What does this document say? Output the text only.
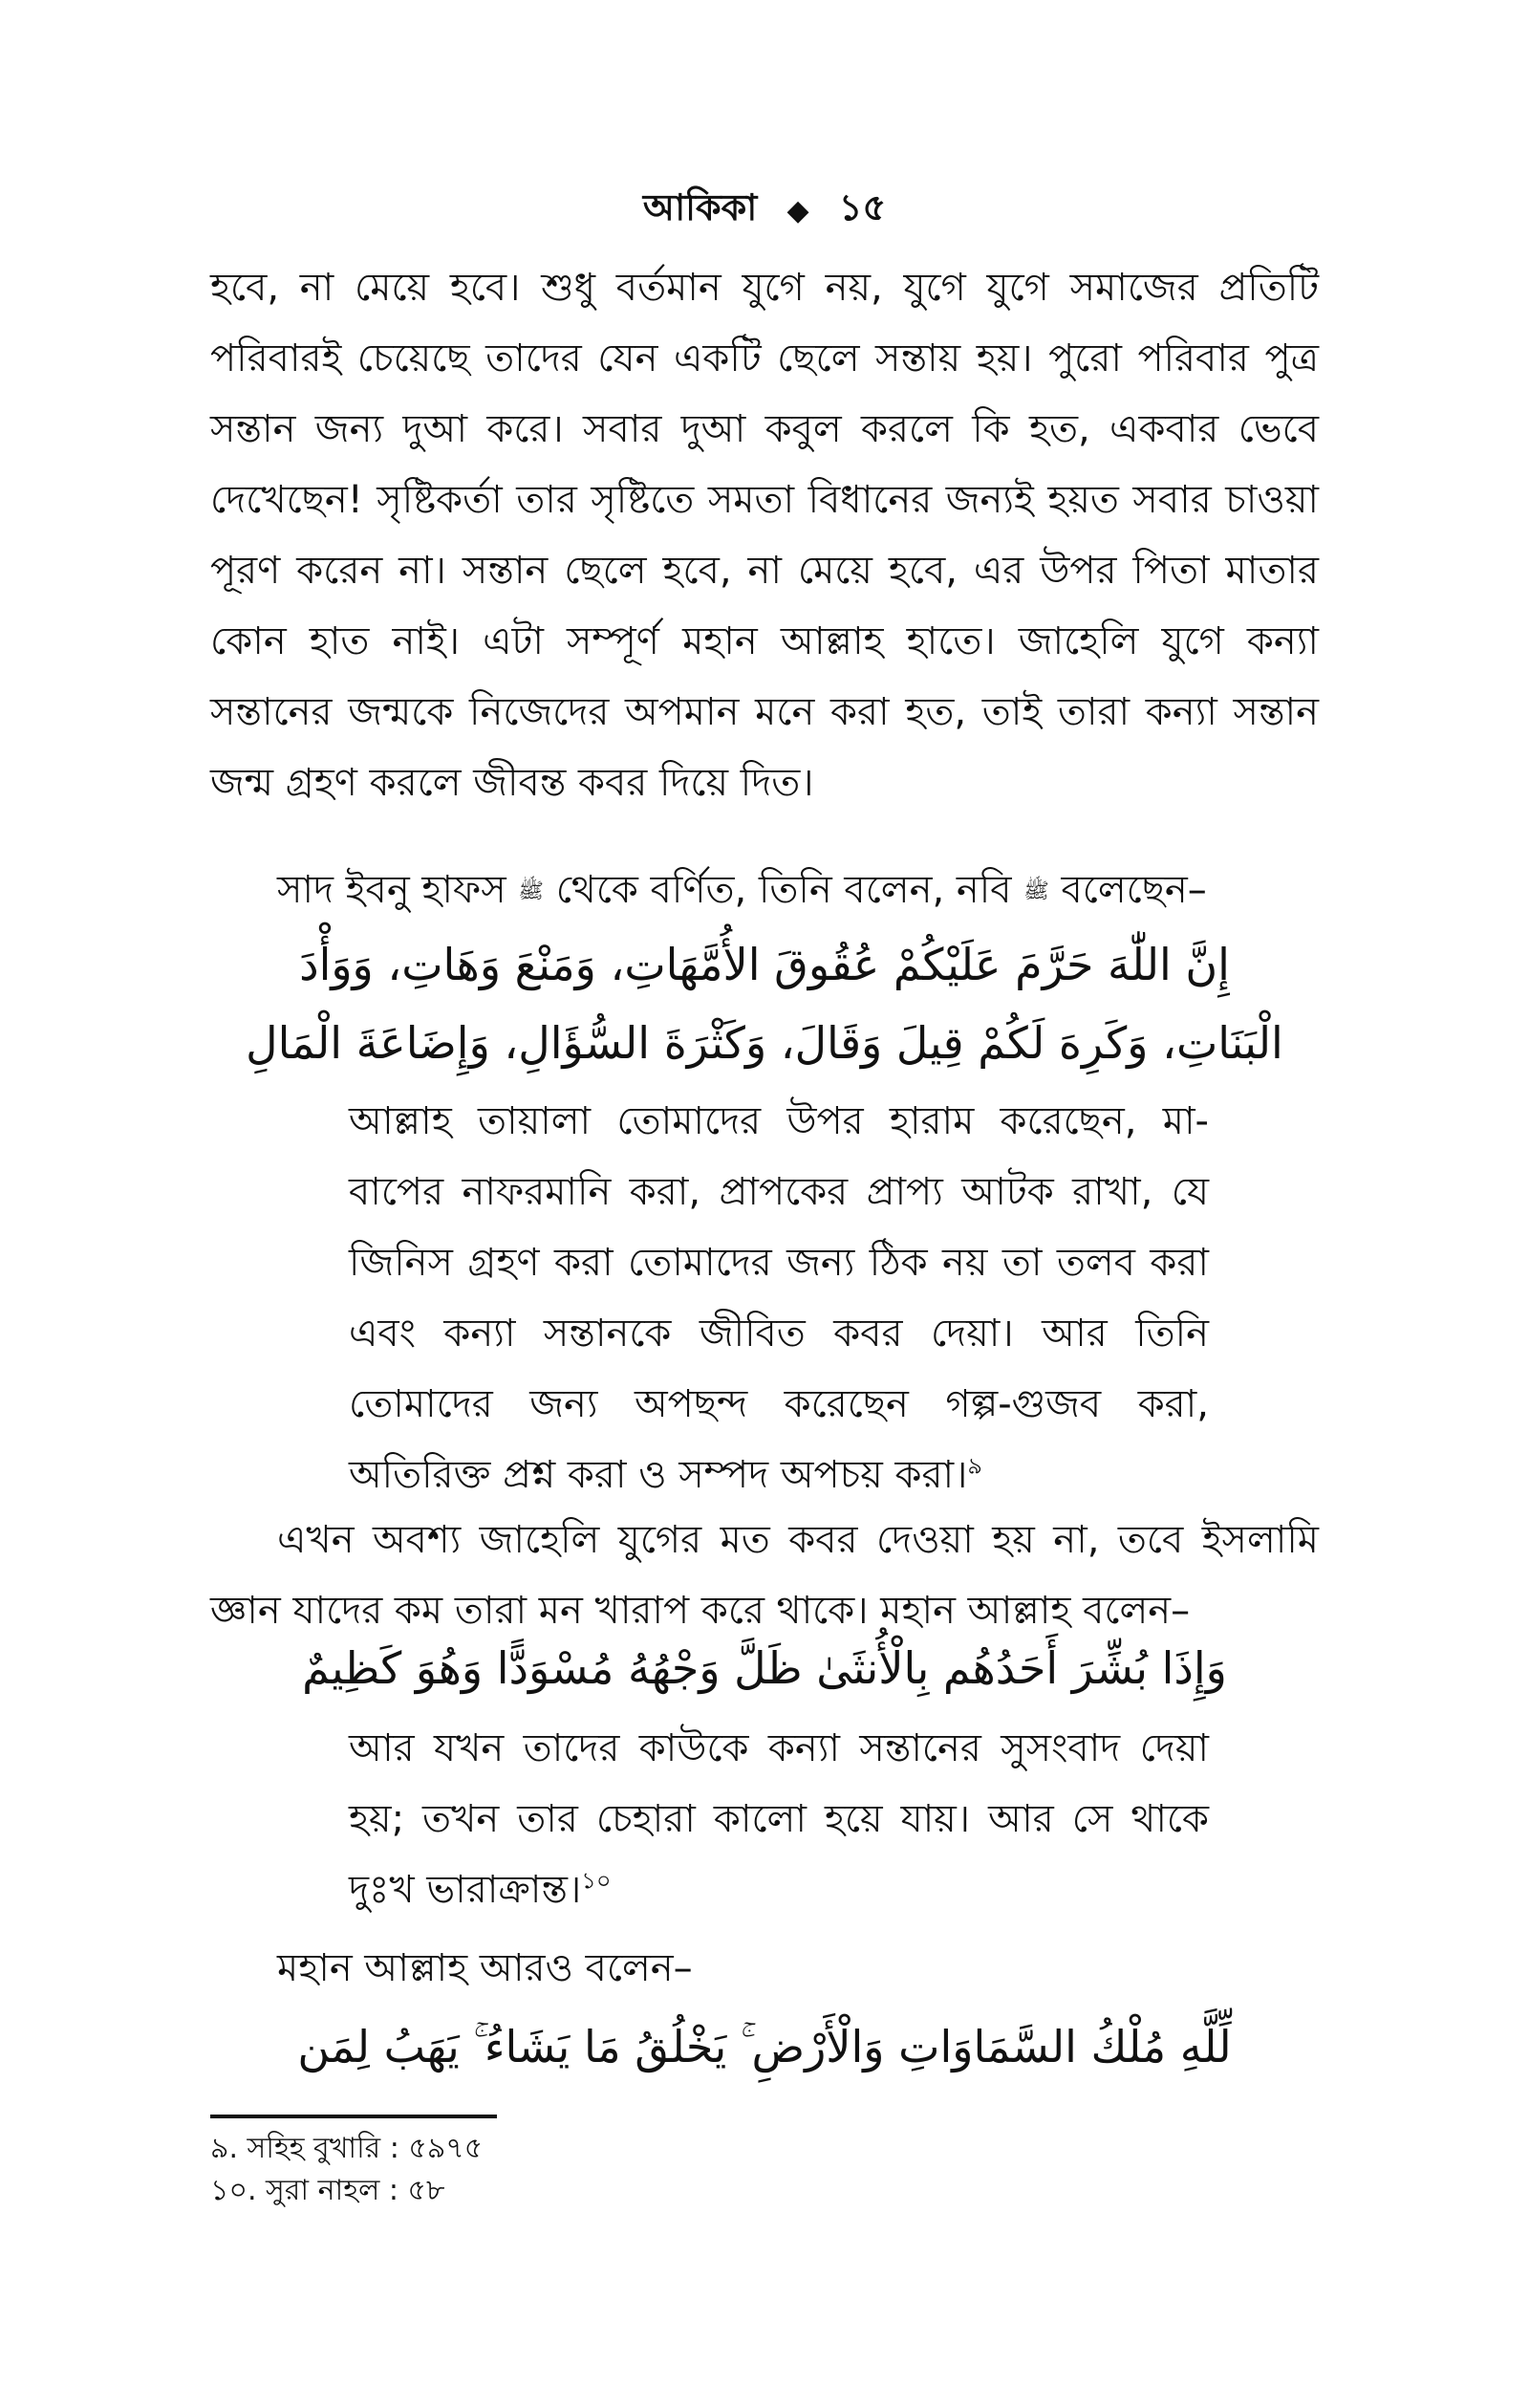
আকিকা ◆ ১৫

হবে, না মেয়ে হবে। শুধু বর্তমান যুগে নয়, যুগে যুগে সমাজের প্রতিটি পরিবারই চেয়েছে তাদের যেন একটি ছেলে সন্তায় হয়। পুরো পরিবার পুত্র সন্তান জন্য দুআ করে। সবার দুআ কবুল করলে কি হত, একবার ভেবে দেখেছেন! সৃষ্টিকর্তা তার সৃষ্টিতে সমতা বিধানের জন্যই হয়ত সবার চাওয়া পূরণ করেন না। সন্তান ছেলে হবে, না মেয়ে হবে, এর উপর পিতা মাতার কোন হাত নাই। এটা সম্পূর্ণ মহান আল্লাহ হাতে। জাহেলি যুগে কন্যা সন্তানের জন্মকে নিজেদের অপমান মনে করা হত, তাই তারা কন্যা সন্তান জন্ম গ্রহণ করলে জীবন্ত কবর দিয়ে দিত।

সাদ ইবনু হাফস ﷺ থেকে বর্ণিত, তিনি বলেন, নবি ﷺ বলেছেন–

إِنَّ اللّٰهَ حَرَّمَ عَلَيْكُمْ عُقُوقَ الأُمَّهَاتِ، وَمَنْعَ وَهَاتِ، وَوَأْدَ
الْبَنَاتِ، وَكَرِهَ لَكُمْ قِيلَ وَقَالَ، وَكَثْرَةَ السُّؤَالِ، وَإِضَاعَةَ الْمَالِ

আল্লাহ তায়ালা তোমাদের উপর হারাম করেছেন, মা-বাপের নাফরমানি করা, প্রাপকের প্রাপ্য আটক রাখা, যে জিনিস গ্রহণ করা তোমাদের জন্য ঠিক নয় তা তলব করা এবং কন্যা সন্তানকে জীবিত কবর দেয়া। আর তিনি তোমাদের জন্য অপছন্দ করেছেন গল্প-গুজব করা, অতিরিক্ত প্রশ্ন করা ও সম্পদ অপচয় করা।$^৯$

এখন অবশ্য জাহেলি যুগের মত কবর দেওয়া হয় না, তবে ইসলামি জ্ঞান যাদের কম তারা মন খারাপ করে থাকে। মহান আল্লাহ বলেন–

وَإِذَا بُشِّرَ أَحَدُهُم بِالْأُنثَىٰ ظَلَّ وَجْهُهُ مُسْوَدًّا وَهُوَ كَظِيمٌ

আর যখন তাদের কাউকে কন্যা সন্তানের সুসংবাদ দেয়া হয়; তখন তার চেহারা কালো হয়ে যায়। আর সে থাকে দুঃখ ভারাক্রান্ত।$^{১০}$

মহান আল্লাহ আরও বলেন–

لِّلَّهِ مُلْكُ السَّمَاوَاتِ وَالْأَرْضِ ۚ يَخْلُقُ مَا يَشَاءُ ۚ يَهَبُ لِمَن
৯. সহিহ বুখারি : ৫৯৭৫
১০. সুরা নাহল : ৫৮
